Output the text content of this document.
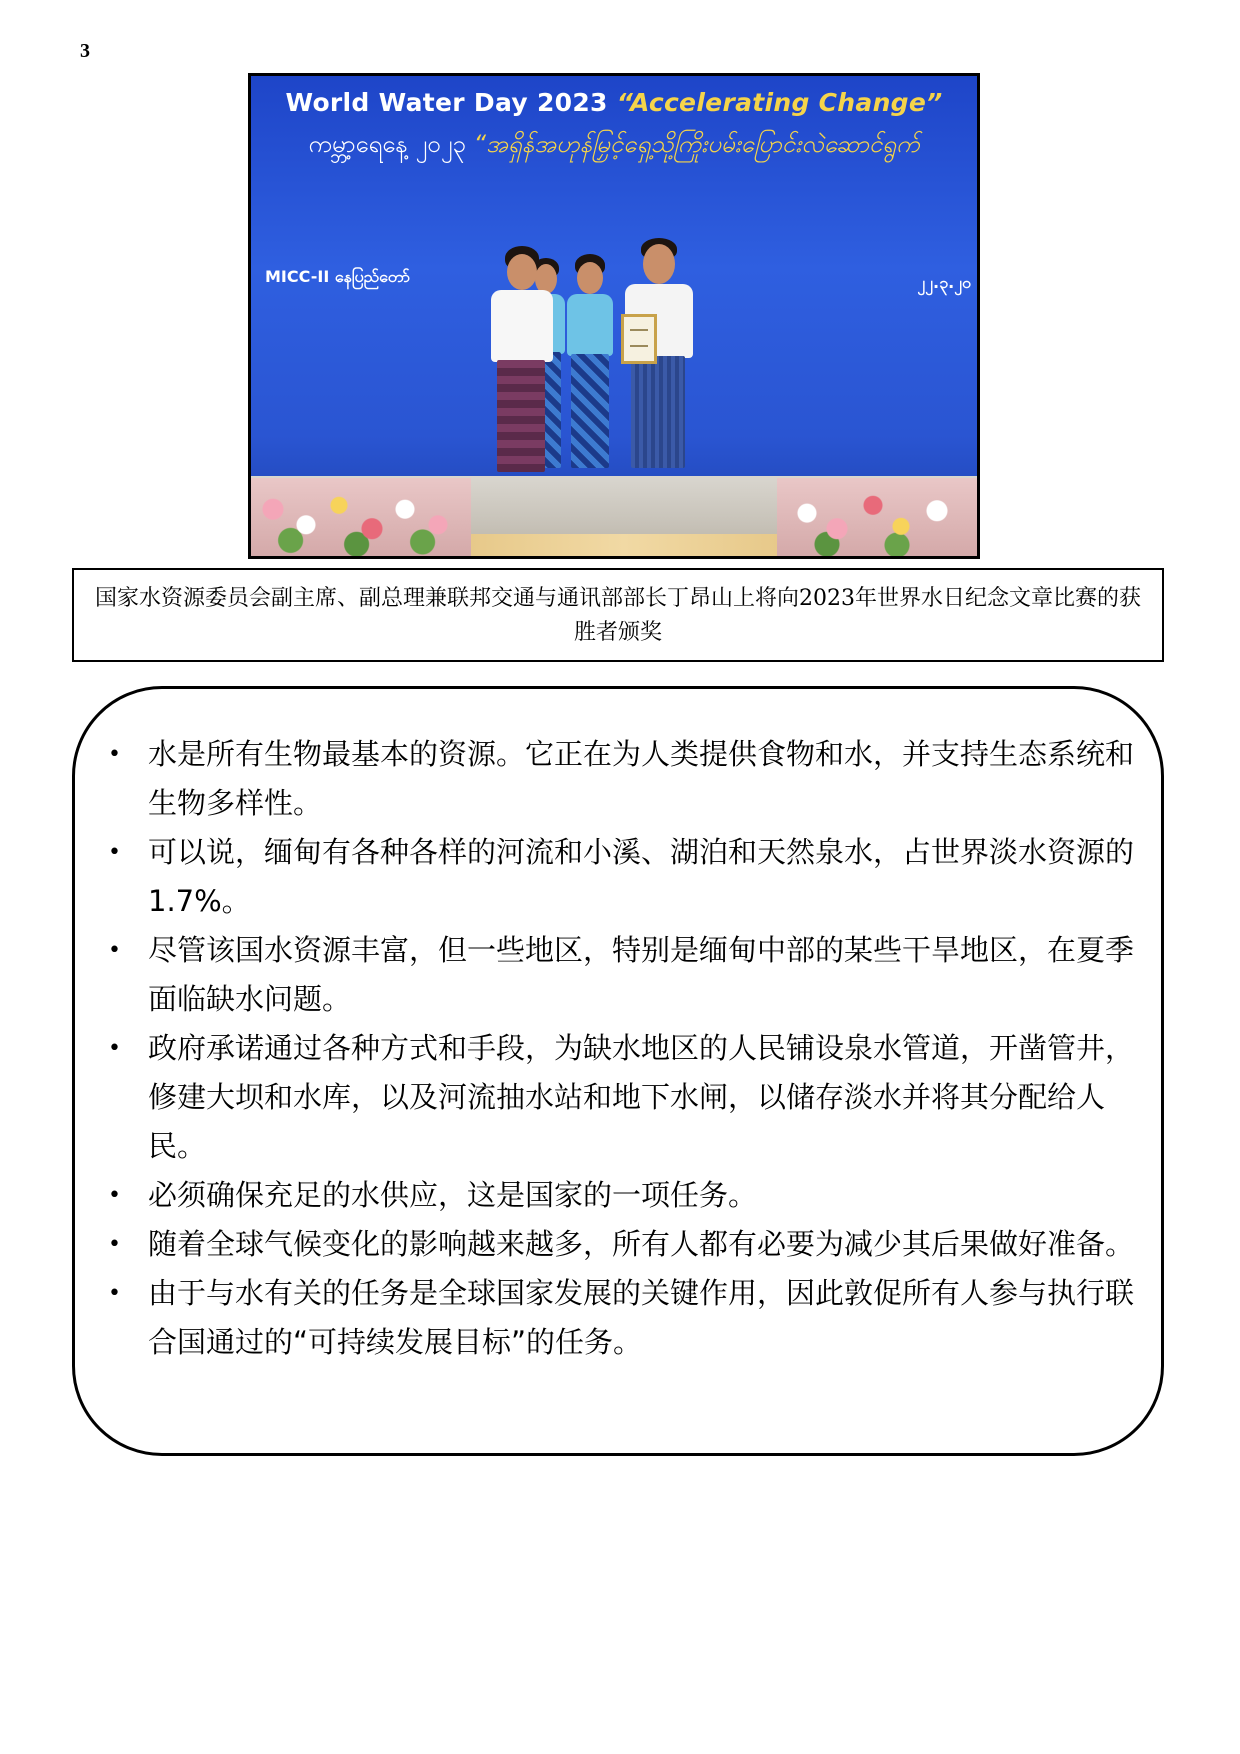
3
World Water Day 2023 “Accelerating Change”
ကမ္ဘာ့ရေနေ့ ၂၀၂၃ “အရှိန်အဟုန်မြှင့်ရှေ့သို့ကြိုးပမ်းပြောင်းလဲဆောင်ရွက်
MICC-II နေပြည်တော်	၂၂.၃.၂၀
国家水资源委员会副主席、副总理兼联邦交通与通讯部部长丁昂山上将向2023年世界水日纪念文章比赛的获胜者颁奖
• 水是所有生物最基本的资源。它正在为人类提供食物和水，并支持生态系统和生物多样性。
• 可以说，缅甸有各种各样的河流和小溪、湖泊和天然泉水，占世界淡水资源的1.7%。
• 尽管该国水资源丰富，但一些地区，特别是缅甸中部的某些干旱地区，在夏季面临缺水问题。
• 政府承诺通过各种方式和手段，为缺水地区的人民铺设泉水管道，开凿管井，修建大坝和水库，以及河流抽水站和地下水闸，以储存淡水并将其分配给人民。
• 必须确保充足的水供应，这是国家的一项任务。
• 随着全球气候变化的影响越来越多，所有人都有必要为减少其后果做好准备。
• 由于与水有关的任务是全球国家发展的关键作用，因此敦促所有人参与执行联合国通过的“可持续发展目标”的任务。
